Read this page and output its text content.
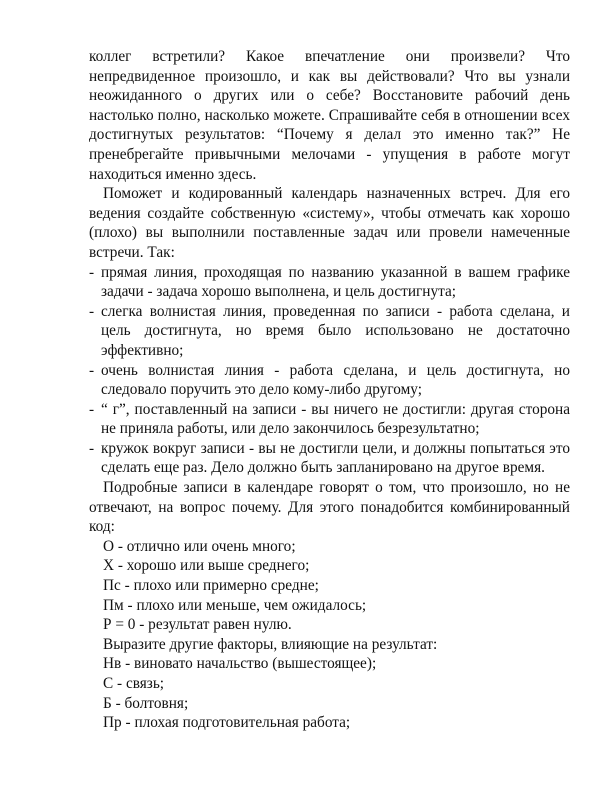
коллег встретили? Какое впечатление они произвели? Что непредвиденное произошло, и как вы действовали? Что вы узнали неожиданного о других или о себе? Восстановите рабочий день настолько полно, насколько можете. Спрашивайте себя в отношении всех достигнутых результатов: “Почему я делал это именно так?” Не пренебрегайте привычными мелочами - упущения в работе могут находиться именно здесь.

Поможет и кодированный календарь назначенных встреч. Для его ведения создайте собственную «систему», чтобы отмечать как хорошо (плохо) вы выполнили поставленные задач или провели намеченные встречи. Так:

- прямая линия, проходящая по названию указанной в вашем графике задачи - задача хорошо выполнена, и цель достигнута;
- слегка волнистая линия, проведенная по записи - работа сделана, и цель достигнута, но время было использовано не достаточно эффективно;
- очень волнистая линия - работа сделана, и цель достигнута, но следовало поручить это дело кому-либо другому;
- “ г”, поставленный на записи - вы ничего не достигли: другая сторона не приняла работы, или дело закончилось безрезультатно;
- кружок вокруг записи - вы не достигли цели, и должны попытаться это сделать еще раз. Дело должно быть запланировано на другое время.

Подробные записи в календаре говорят о том, что произошло, но не отвечают, на вопрос почему. Для этого понадобится комбинированный код:

О - отлично или очень много;
Х - хорошо или выше среднего;
Пс - плохо или примерно средне;
Пм - плохо или меньше, чем ожидалось;
Р = 0 - результат равен нулю.
Выразите другие факторы, влияющие на результат:
Нв - виновато начальство (вышестоящее);
С - связь;
Б - болтовня;
Пр - плохая подготовительная работа;
